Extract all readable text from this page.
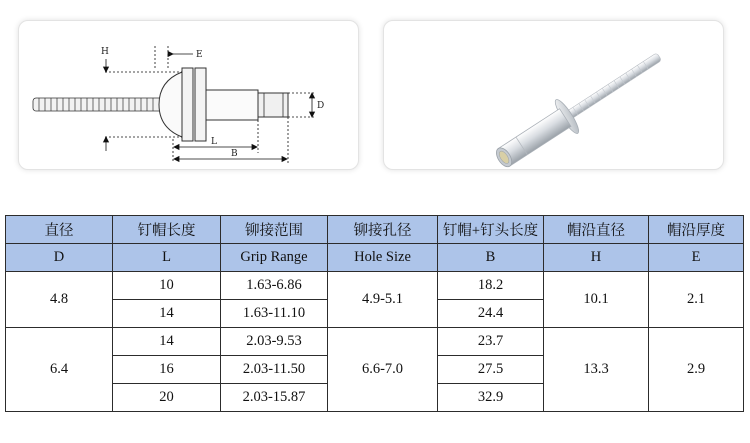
H	E
D
L
B
直径	钉帽长度	铆接范围	铆接孔径	钉帽+钉头长度	帽沿直径	帽沿厚度
D	L	Grip Range	Hole Size	B	H	E
4.8	10	1.63-6.86	4.9-5.1	18.2	10.1	2.1
	14	1.63-11.10		24.4		
6.4	14	2.03-9.53	6.6-7.0	23.7	13.3	2.9
	16	2.03-11.50		27.5		
	20	2.03-15.87		32.9		
